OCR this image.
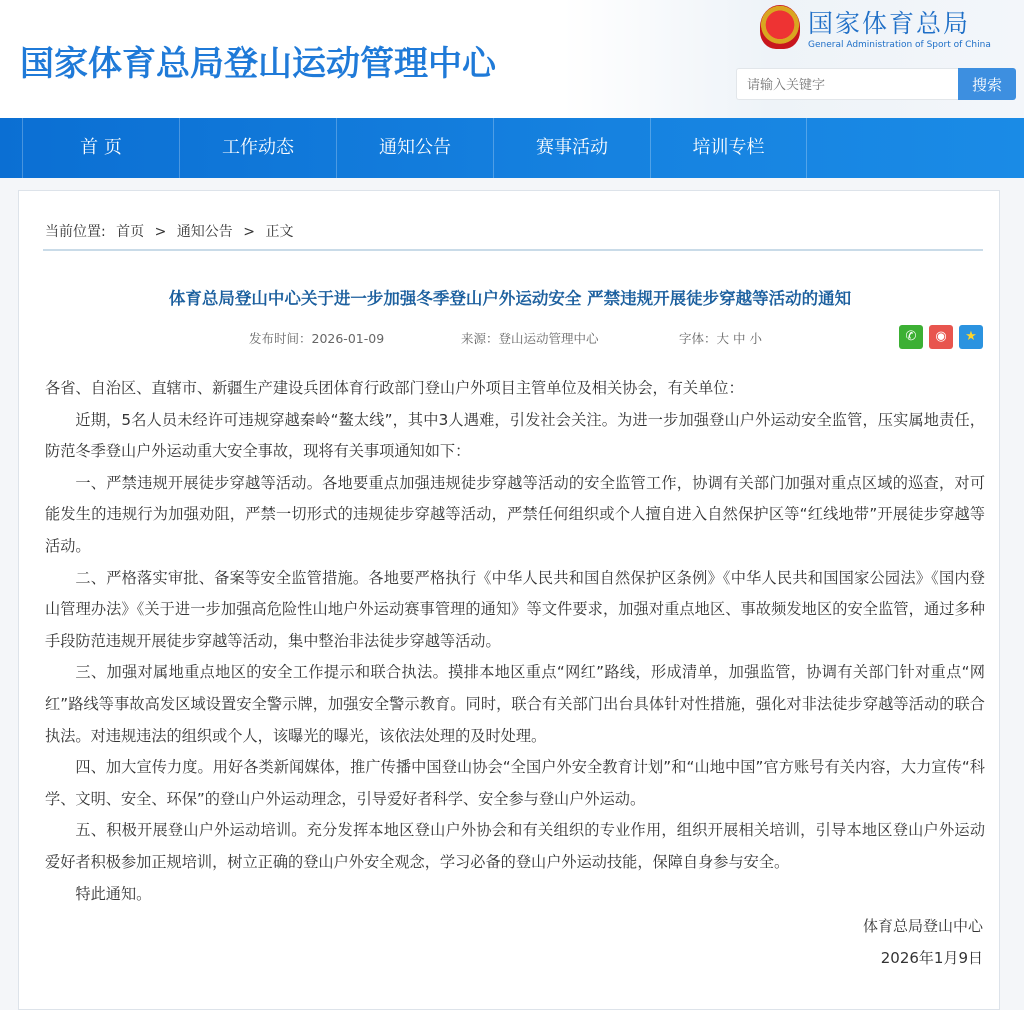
国家体育总局登山运动管理中心
国家体育总局
General Administration of Sport of China
请输入关键字
搜索
首 页	工作动态	通知公告	赛事活动	培训专栏
当前位置: 首页 > 通知公告 > 正文
体育总局登山中心关于进一步加强冬季登山户外运动安全 严禁违规开展徒步穿越等活动的通知
发布时间：2026-01-09	来源：登山运动管理中心	字体：大 中 小	✆	◉	★

各省、自治区、直辖市、新疆生产建设兵团体育行政部门登山户外项目主管单位及相关协会，有关单位：

近期，5名人员未经许可违规穿越秦岭“鳌太线”，其中3人遇难，引发社会关注。为进一步加强登山户外运动安全监管，压实属地责任，防范冬季登山户外运动重大安全事故，现将有关事项通知如下：

一、严禁违规开展徒步穿越等活动。各地要重点加强违规徒步穿越等活动的安全监管工作，协调有关部门加强对重点区域的巡查，对可能发生的违规行为加强劝阻，严禁一切形式的违规徒步穿越等活动，严禁任何组织或个人擅自进入自然保护区等“红线地带”开展徒步穿越等活动。

二、严格落实审批、备案等安全监管措施。各地要严格执行《中华人民共和国自然保护区条例》《中华人民共和国国家公园法》《国内登山管理办法》《关于进一步加强高危险性山地户外运动赛事管理的通知》等文件要求，加强对重点地区、事故频发地区的安全监管，通过多种手段防范违规开展徒步穿越等活动，集中整治非法徒步穿越等活动。

三、加强对属地重点地区的安全工作提示和联合执法。摸排本地区重点“网红”路线，形成清单，加强监管，协调有关部门针对重点“网红”路线等事故高发区域设置安全警示牌，加强安全警示教育。同时，联合有关部门出台具体针对性措施，强化对非法徒步穿越等活动的联合执法。对违规违法的组织或个人，该曝光的曝光，该依法处理的及时处理。

四、加大宣传力度。用好各类新闻媒体，推广传播中国登山协会“全国户外安全教育计划”和“山地中国”官方账号有关内容，大力宣传“科学、文明、安全、环保”的登山户外运动理念，引导爱好者科学、安全参与登山户外运动。

五、积极开展登山户外运动培训。充分发挥本地区登山户外协会和有关组织的专业作用，组织开展相关培训，引导本地区登山户外运动爱好者积极参加正规培训，树立正确的登山户外安全观念，学习必备的登山户外运动技能，保障自身参与安全。

特此通知。

体育总局登山中心
2026年1月9日
